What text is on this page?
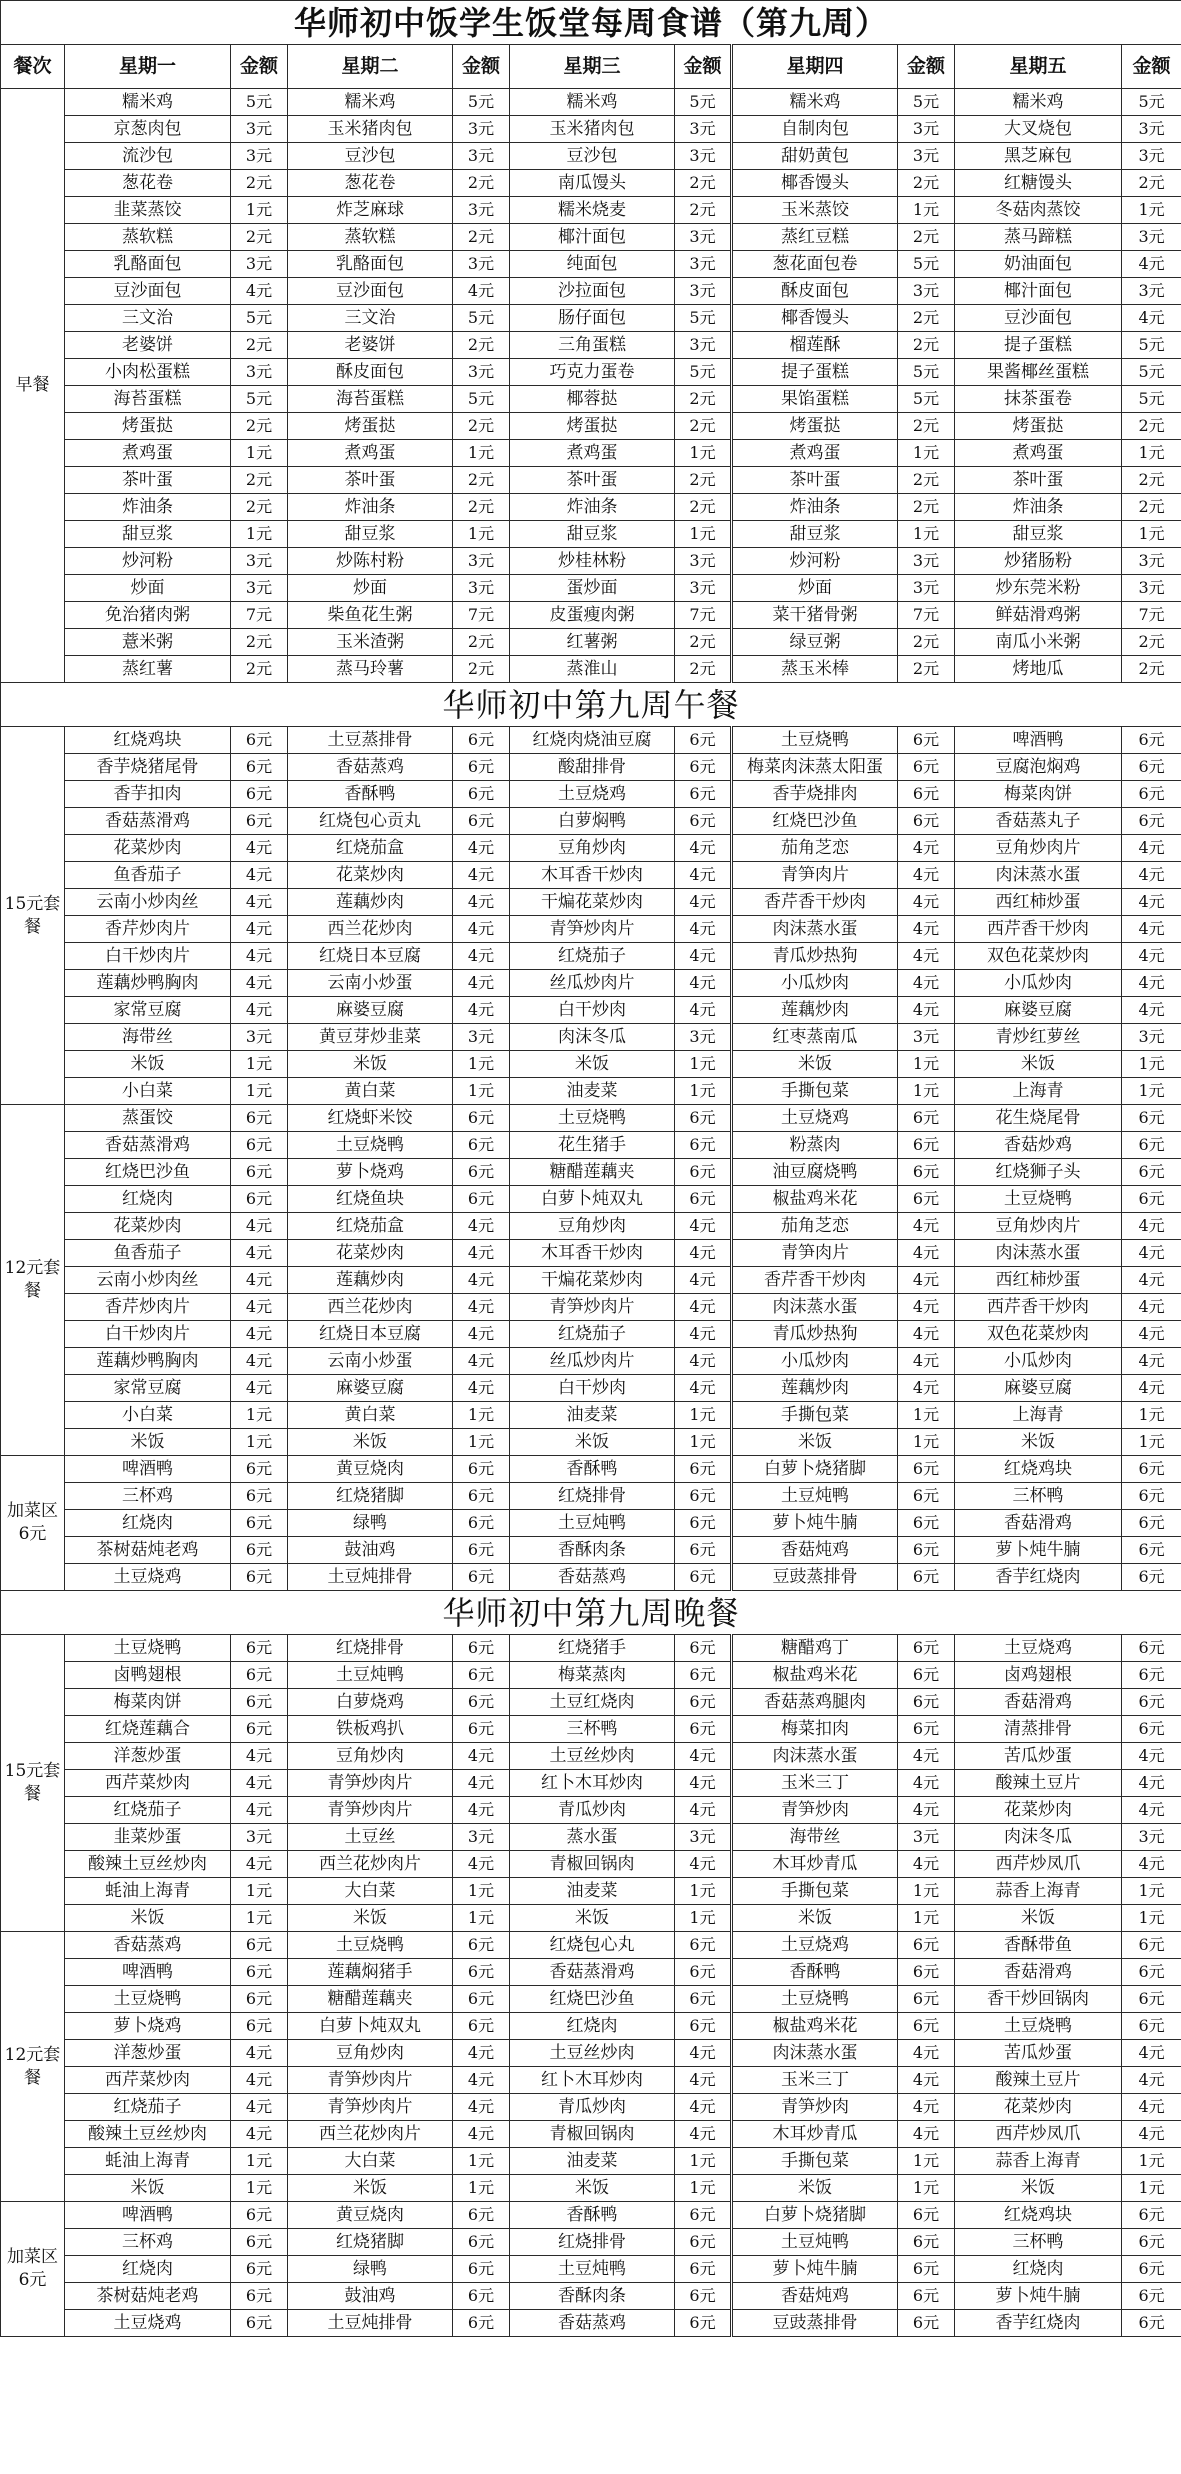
华师初中饭学生饭堂每周食谱（第九周）										
餐次	星期一	金额	星期二	金额	星期三	金额	星期四	金额	星期五	金额
早餐	糯米鸡	5元	糯米鸡	5元	糯米鸡	5元	糯米鸡	5元	糯米鸡	5元
	京葱肉包	3元	玉米猪肉包	3元	玉米猪肉包	3元	自制肉包	3元	大叉烧包	3元
	流沙包	3元	豆沙包	3元	豆沙包	3元	甜奶黄包	3元	黑芝麻包	3元
	葱花卷	2元	葱花卷	2元	南瓜馒头	2元	椰香馒头	2元	红糖馒头	2元
	韭菜蒸饺	1元	炸芝麻球	3元	糯米烧麦	2元	玉米蒸饺	1元	冬菇肉蒸饺	1元
	蒸软糕	2元	蒸软糕	2元	椰汁面包	3元	蒸红豆糕	2元	蒸马蹄糕	3元
	乳酪面包	3元	乳酪面包	3元	纯面包	3元	葱花面包卷	5元	奶油面包	4元
	豆沙面包	4元	豆沙面包	4元	沙拉面包	3元	酥皮面包	3元	椰汁面包	3元
	三文治	5元	三文治	5元	肠仔面包	5元	椰香馒头	2元	豆沙面包	4元
	老婆饼	2元	老婆饼	2元	三角蛋糕	3元	榴莲酥	2元	提子蛋糕	5元
	小肉松蛋糕	3元	酥皮面包	3元	巧克力蛋卷	5元	提子蛋糕	5元	果酱椰丝蛋糕	5元
	海苔蛋糕	5元	海苔蛋糕	5元	椰蓉挞	2元	果馅蛋糕	5元	抹茶蛋卷	5元
	烤蛋挞	2元	烤蛋挞	2元	烤蛋挞	2元	烤蛋挞	2元	烤蛋挞	2元
	煮鸡蛋	1元	煮鸡蛋	1元	煮鸡蛋	1元	煮鸡蛋	1元	煮鸡蛋	1元
	茶叶蛋	2元	茶叶蛋	2元	茶叶蛋	2元	茶叶蛋	2元	茶叶蛋	2元
	炸油条	2元	炸油条	2元	炸油条	2元	炸油条	2元	炸油条	2元
	甜豆浆	1元	甜豆浆	1元	甜豆浆	1元	甜豆浆	1元	甜豆浆	1元
	炒河粉	3元	炒陈村粉	3元	炒桂林粉	3元	炒河粉	3元	炒猪肠粉	3元
	炒面	3元	炒面	3元	蛋炒面	3元	炒面	3元	炒东莞米粉	3元
	免治猪肉粥	7元	柴鱼花生粥	7元	皮蛋瘦肉粥	7元	菜干猪骨粥	7元	鲜菇滑鸡粥	7元
	薏米粥	2元	玉米渣粥	2元	红薯粥	2元	绿豆粥	2元	南瓜小米粥	2元
	蒸红薯	2元	蒸马玲薯	2元	蒸淮山	2元	蒸玉米棒	2元	烤地瓜	2元
华师初中第九周午餐										
15元套餐	红烧鸡块	6元	土豆蒸排骨	6元	红烧肉烧油豆腐	6元	土豆烧鸭	6元	啤酒鸭	6元
	香芋烧猪尾骨	6元	香菇蒸鸡	6元	酸甜排骨	6元	梅菜肉沫蒸太阳蛋	6元	豆腐泡焖鸡	6元
	香芋扣肉	6元	香酥鸭	6元	土豆烧鸡	6元	香芋烧排肉	6元	梅菜肉饼	6元
	香菇蒸滑鸡	6元	红烧包心贡丸	6元	白萝焖鸭	6元	红烧巴沙鱼	6元	香菇蒸丸子	6元
	花菜炒肉	4元	红烧茄盒	4元	豆角炒肉	4元	茄角芝恋	4元	豆角炒肉片	4元
	鱼香茄子	4元	花菜炒肉	4元	木耳香干炒肉	4元	青笋肉片	4元	肉沫蒸水蛋	4元
	云南小炒肉丝	4元	莲藕炒肉	4元	干煸花菜炒肉	4元	香芹香干炒肉	4元	西红柿炒蛋	4元
	香芹炒肉片	4元	西兰花炒肉	4元	青笋炒肉片	4元	肉沫蒸水蛋	4元	西芹香干炒肉	4元
	白干炒肉片	4元	红烧日本豆腐	4元	红烧茄子	4元	青瓜炒热狗	4元	双色花菜炒肉	4元
	莲藕炒鸭胸肉	4元	云南小炒蛋	4元	丝瓜炒肉片	4元	小瓜炒肉	4元	小瓜炒肉	4元
	家常豆腐	4元	麻婆豆腐	4元	白干炒肉	4元	莲藕炒肉	4元	麻婆豆腐	4元
	海带丝	3元	黄豆芽炒韭菜	3元	肉沫冬瓜	3元	红枣蒸南瓜	3元	青炒红萝丝	3元
	米饭	1元	米饭	1元	米饭	1元	米饭	1元	米饭	1元
	小白菜	1元	黄白菜	1元	油麦菜	1元	手撕包菜	1元	上海青	1元
12元套餐	蒸蛋饺	6元	红烧虾米饺	6元	土豆烧鸭	6元	土豆烧鸡	6元	花生烧尾骨	6元
	香菇蒸滑鸡	6元	土豆烧鸭	6元	花生猪手	6元	粉蒸肉	6元	香菇炒鸡	6元
	红烧巴沙鱼	6元	萝卜烧鸡	6元	糖醋莲藕夹	6元	油豆腐烧鸭	6元	红烧狮子头	6元
	红烧肉	6元	红烧鱼块	6元	白萝卜炖双丸	6元	椒盐鸡米花	6元	土豆烧鸭	6元
	花菜炒肉	4元	红烧茄盒	4元	豆角炒肉	4元	茄角芝恋	4元	豆角炒肉片	4元
	鱼香茄子	4元	花菜炒肉	4元	木耳香干炒肉	4元	青笋肉片	4元	肉沫蒸水蛋	4元
	云南小炒肉丝	4元	莲藕炒肉	4元	干煸花菜炒肉	4元	香芹香干炒肉	4元	西红柿炒蛋	4元
	香芹炒肉片	4元	西兰花炒肉	4元	青笋炒肉片	4元	肉沫蒸水蛋	4元	西芹香干炒肉	4元
	白干炒肉片	4元	红烧日本豆腐	4元	红烧茄子	4元	青瓜炒热狗	4元	双色花菜炒肉	4元
	莲藕炒鸭胸肉	4元	云南小炒蛋	4元	丝瓜炒肉片	4元	小瓜炒肉	4元	小瓜炒肉	4元
	家常豆腐	4元	麻婆豆腐	4元	白干炒肉	4元	莲藕炒肉	4元	麻婆豆腐	4元
	小白菜	1元	黄白菜	1元	油麦菜	1元	手撕包菜	1元	上海青	1元
	米饭	1元	米饭	1元	米饭	1元	米饭	1元	米饭	1元
加菜区6元	啤酒鸭	6元	黄豆烧肉	6元	香酥鸭	6元	白萝卜烧猪脚	6元	红烧鸡块	6元
	三杯鸡	6元	红烧猪脚	6元	红烧排骨	6元	土豆炖鸭	6元	三杯鸭	6元
	红烧肉	6元	绿鸭	6元	土豆炖鸭	6元	萝卜炖牛腩	6元	香菇滑鸡	6元
	茶树菇炖老鸡	6元	鼓油鸡	6元	香酥肉条	6元	香菇炖鸡	6元	萝卜炖牛腩	6元
	土豆烧鸡	6元	土豆炖排骨	6元	香菇蒸鸡	6元	豆豉蒸排骨	6元	香芋红烧肉	6元
华师初中第九周晚餐										
15元套餐	土豆烧鸭	6元	红烧排骨	6元	红烧猪手	6元	糖醋鸡丁	6元	土豆烧鸡	6元
	卤鸭翅根	6元	土豆炖鸭	6元	梅菜蒸肉	6元	椒盐鸡米花	6元	卤鸡翅根	6元
	梅菜肉饼	6元	白萝烧鸡	6元	土豆红烧肉	6元	香菇蒸鸡腿肉	6元	香菇滑鸡	6元
	红烧莲藕合	6元	铁板鸡扒	6元	三杯鸭	6元	梅菜扣肉	6元	清蒸排骨	6元
	洋葱炒蛋	4元	豆角炒肉	4元	土豆丝炒肉	4元	肉沫蒸水蛋	4元	苦瓜炒蛋	4元
	西芹菜炒肉	4元	青笋炒肉片	4元	红卜木耳炒肉	4元	玉米三丁	4元	酸辣土豆片	4元
	红烧茄子	4元	青笋炒肉片	4元	青瓜炒肉	4元	青笋炒肉	4元	花菜炒肉	4元
	韭菜炒蛋	3元	土豆丝	3元	蒸水蛋	3元	海带丝	3元	肉沫冬瓜	3元
	酸辣土豆丝炒肉	4元	西兰花炒肉片	4元	青椒回锅肉	4元	木耳炒青瓜	4元	西芹炒凤爪	4元
	蚝油上海青	1元	大白菜	1元	油麦菜	1元	手撕包菜	1元	蒜香上海青	1元
	米饭	1元	米饭	1元	米饭	1元	米饭	1元	米饭	1元
12元套餐	香菇蒸鸡	6元	土豆烧鸭	6元	红烧包心丸	6元	土豆烧鸡	6元	香酥带鱼	6元
	啤酒鸭	6元	莲藕焖猪手	6元	香菇蒸滑鸡	6元	香酥鸭	6元	香菇滑鸡	6元
	土豆烧鸭	6元	糖醋莲藕夹	6元	红烧巴沙鱼	6元	土豆烧鸭	6元	香干炒回锅肉	6元
	萝卜烧鸡	6元	白萝卜炖双丸	6元	红烧肉	6元	椒盐鸡米花	6元	土豆烧鸭	6元
	洋葱炒蛋	4元	豆角炒肉	4元	土豆丝炒肉	4元	肉沫蒸水蛋	4元	苦瓜炒蛋	4元
	西芹菜炒肉	4元	青笋炒肉片	4元	红卜木耳炒肉	4元	玉米三丁	4元	酸辣土豆片	4元
	红烧茄子	4元	青笋炒肉片	4元	青瓜炒肉	4元	青笋炒肉	4元	花菜炒肉	4元
	酸辣土豆丝炒肉	4元	西兰花炒肉片	4元	青椒回锅肉	4元	木耳炒青瓜	4元	西芹炒凤爪	4元
	蚝油上海青	1元	大白菜	1元	油麦菜	1元	手撕包菜	1元	蒜香上海青	1元
	米饭	1元	米饭	1元	米饭	1元	米饭	1元	米饭	1元
加菜区6元	啤酒鸭	6元	黄豆烧肉	6元	香酥鸭	6元	白萝卜烧猪脚	6元	红烧鸡块	6元
	三杯鸡	6元	红烧猪脚	6元	红烧排骨	6元	土豆炖鸭	6元	三杯鸭	6元
	红烧肉	6元	绿鸭	6元	土豆炖鸭	6元	萝卜炖牛腩	6元	红烧肉	6元
	茶树菇炖老鸡	6元	鼓油鸡	6元	香酥肉条	6元	香菇炖鸡	6元	萝卜炖牛腩	6元
	土豆烧鸡	6元	土豆炖排骨	6元	香菇蒸鸡	6元	豆豉蒸排骨	6元	香芋红烧肉	6元
